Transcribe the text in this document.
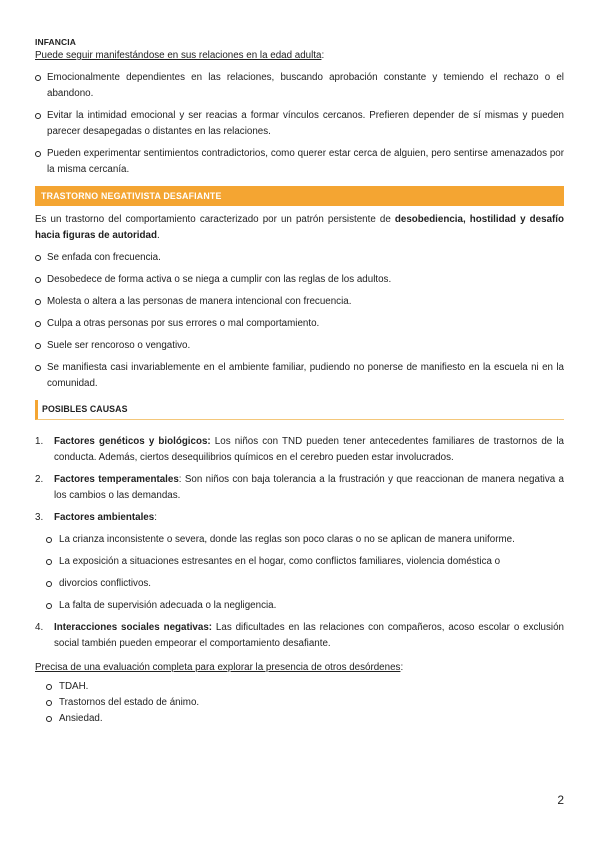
INFANCIA
Puede seguir manifestándose en sus relaciones en la edad adulta:
Emocionalmente dependientes en las relaciones, buscando aprobación constante y temiendo el rechazo o el abandono.
Evitar la intimidad emocional y ser reacias a formar vínculos cercanos. Prefieren depender de sí mismas y pueden parecer desapegadas o distantes en las relaciones.
Pueden experimentar sentimientos contradictorios, como querer estar cerca de alguien, pero sentirse amenazados por la misma cercanía.
TRASTORNO NEGATIVISTA DESAFIANTE
Es un trastorno del comportamiento caracterizado por un patrón persistente de desobediencia, hostilidad y desafío hacia figuras de autoridad.
Se enfada con frecuencia.
Desobedece de forma activa o se niega a cumplir con las reglas de los adultos.
Molesta o altera a las personas de manera intencional con frecuencia.
Culpa a otras personas por sus errores o mal comportamiento.
Suele ser rencoroso o vengativo.
Se manifiesta casi invariablemente en el ambiente familiar, pudiendo no ponerse de manifiesto en la escuela ni en la comunidad.
POSIBLES CAUSAS
1. Factores genéticos y biológicos: Los niños con TND pueden tener antecedentes familiares de trastornos de la conducta. Además, ciertos desequilibrios químicos en el cerebro pueden estar involucrados.
2. Factores temperamentales: Son niños con baja tolerancia a la frustración y que reaccionan de manera negativa a los cambios o las demandas.
3. Factores ambientales:
La crianza inconsistente o severa, donde las reglas son poco claras o no se aplican de manera uniforme.
La exposición a situaciones estresantes en el hogar, como conflictos familiares, violencia doméstica o
divorcios conflictivos.
La falta de supervisión adecuada o la negligencia.
4. Interacciones sociales negativas: Las dificultades en las relaciones con compañeros, acoso escolar o exclusión social también pueden empeorar el comportamiento desafiante.
Precisa de una evaluación completa para explorar la presencia de otros desórdenes:
TDAH.
Trastornos del estado de ánimo.
Ansiedad.
2
